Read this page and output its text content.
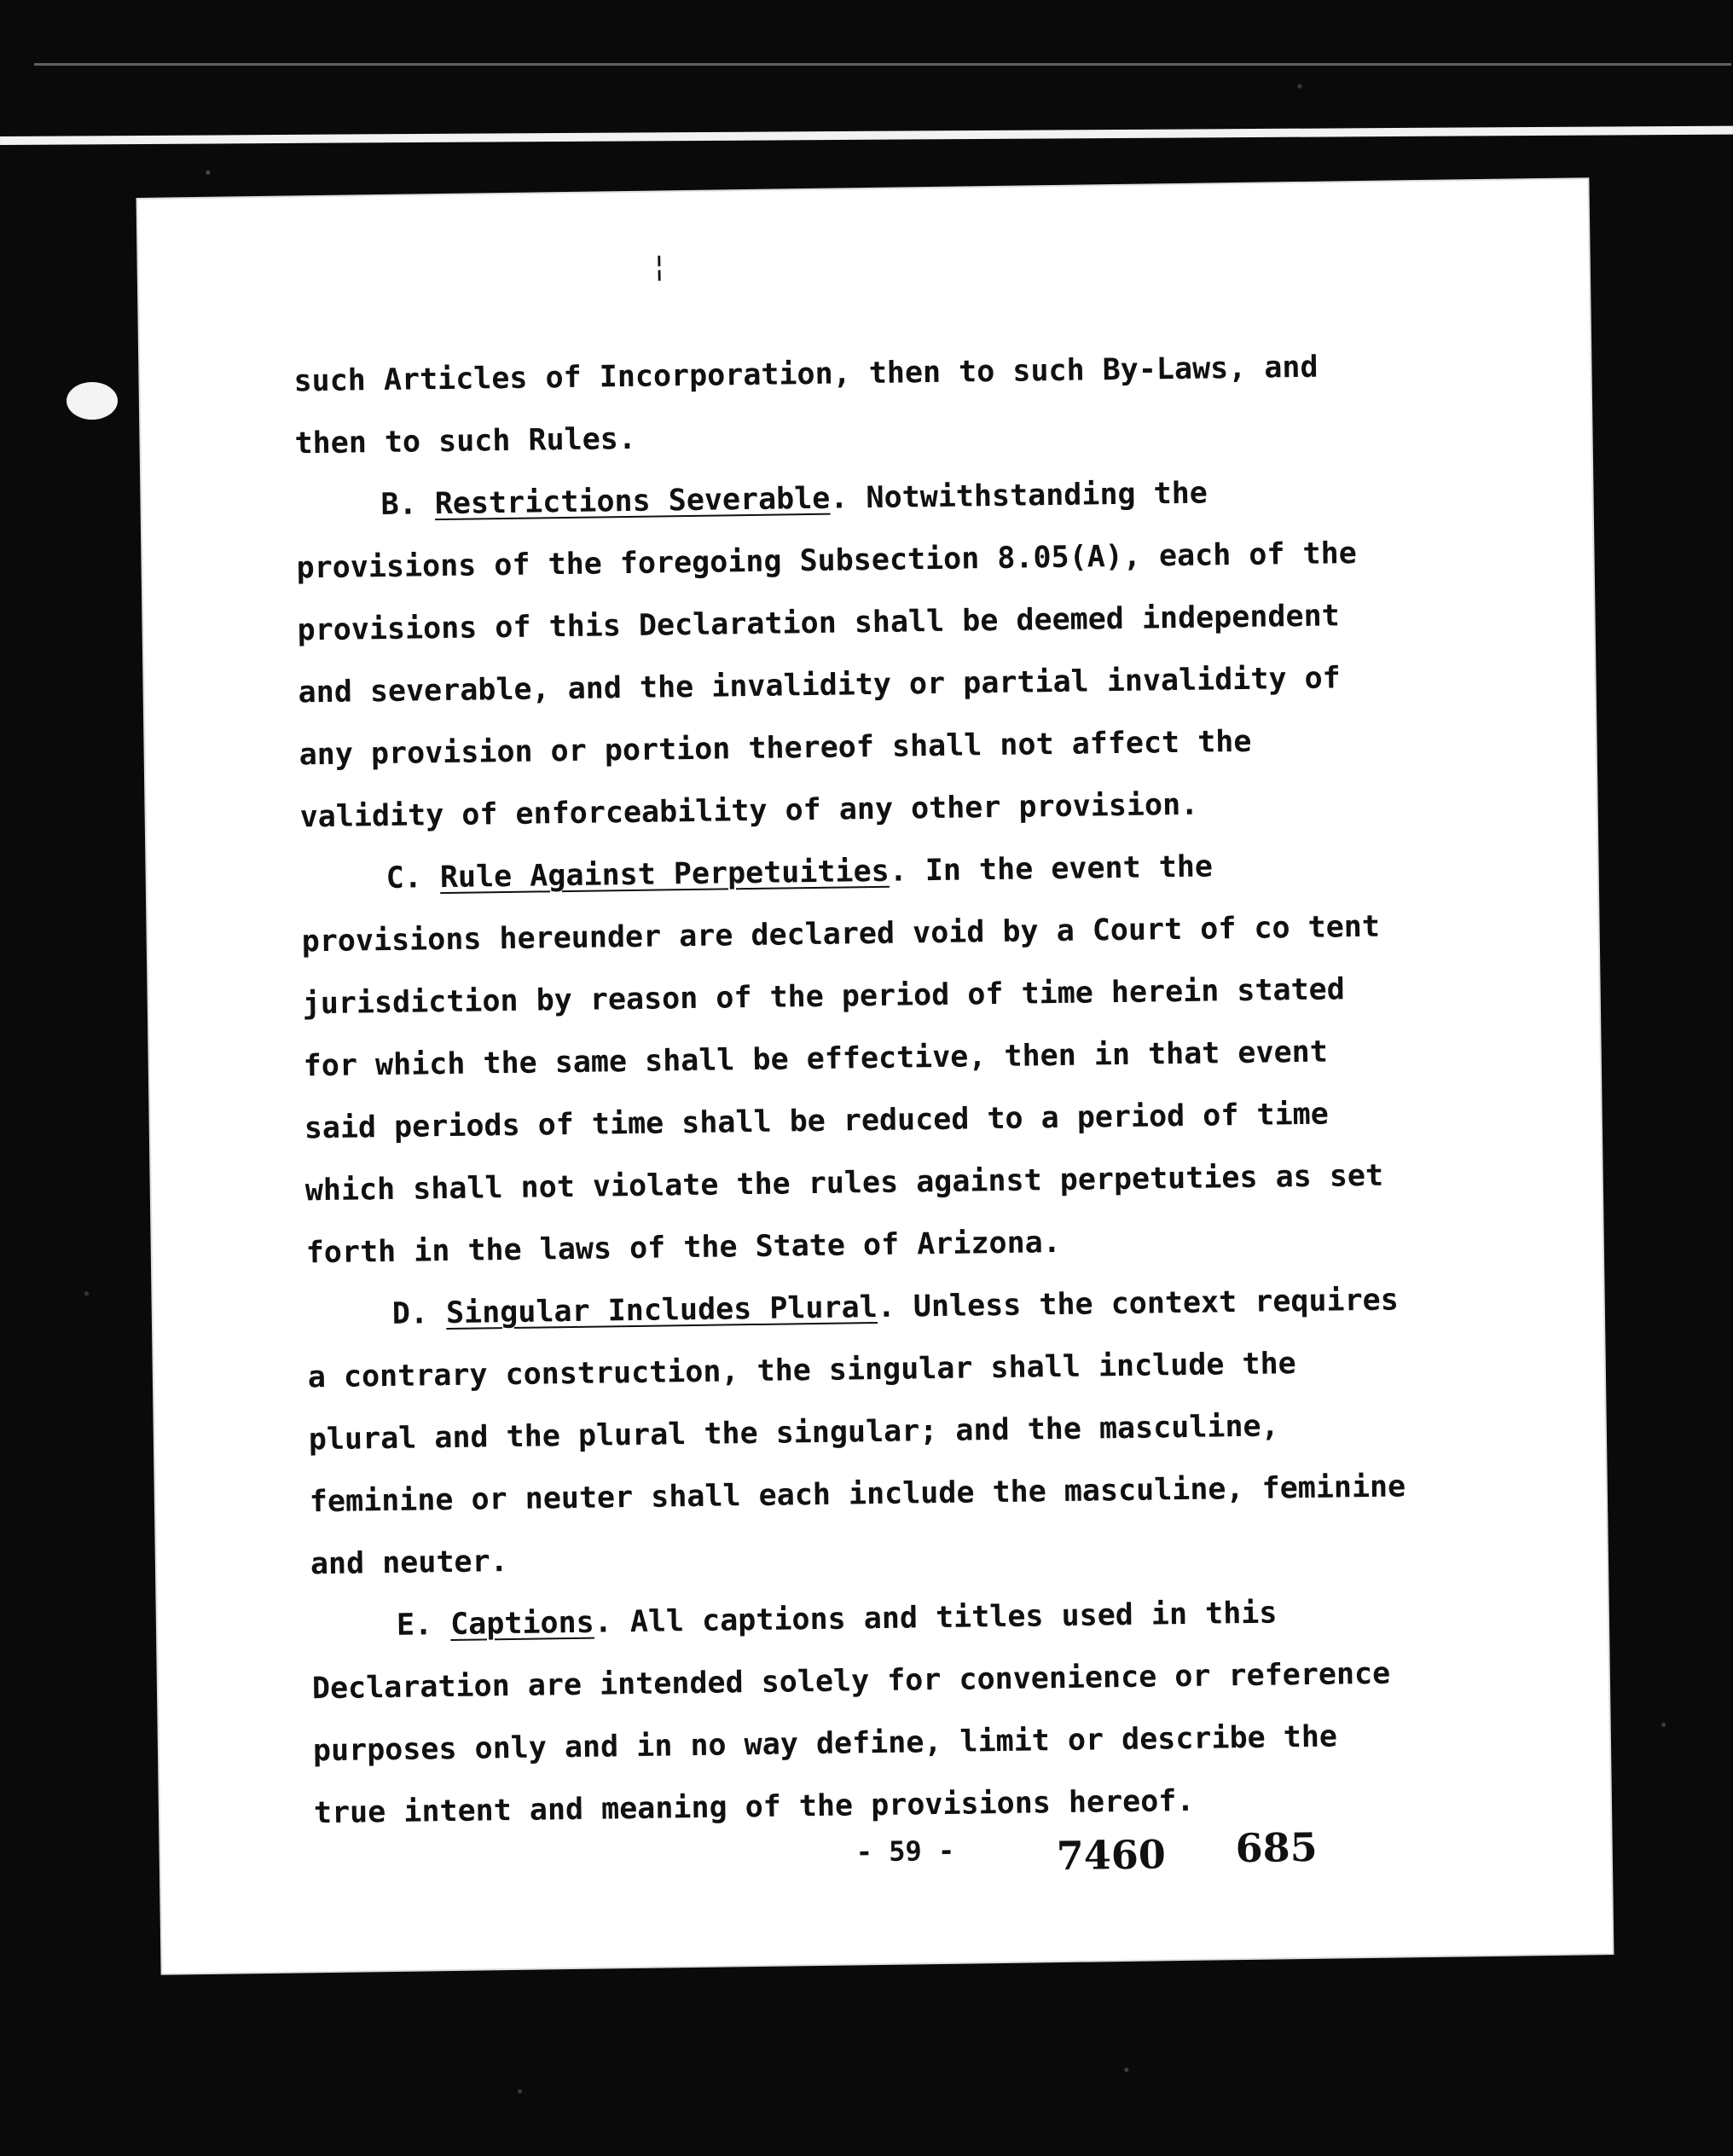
¦

such Articles of Incorporation, then to such By-Laws, and then to such Rules.

B. Restrictions Severable. Notwithstanding the provisions of the foregoing Subsection 8.05(A), each of the provisions of this Declaration shall be deemed independent and severable, and the invalidity or partial invalidity of any provision or portion thereof shall not affect the validity of enforceability of any other provision.

C. Rule Against Perpetuities. In the event the provisions hereunder are declared void by a Court of co tent jurisdiction by reason of the period of time herein stated for which the same shall be effective, then in that event said periods of time shall be reduced to a period of time which shall not violate the rules against perpetuties as set forth in the laws of the State of Arizona.

D. Singular Includes Plural. Unless the context requires a contrary construction, the singular shall include the plural and the plural the singular; and the masculine, feminine or neuter shall each include the masculine, feminine and neuter.

E. Captions. All captions and titles used in this Declaration are intended solely for convenience or reference purposes only and in no way define, limit or describe the true intent and meaning of the provisions hereof.

- 59 -	7460 685
